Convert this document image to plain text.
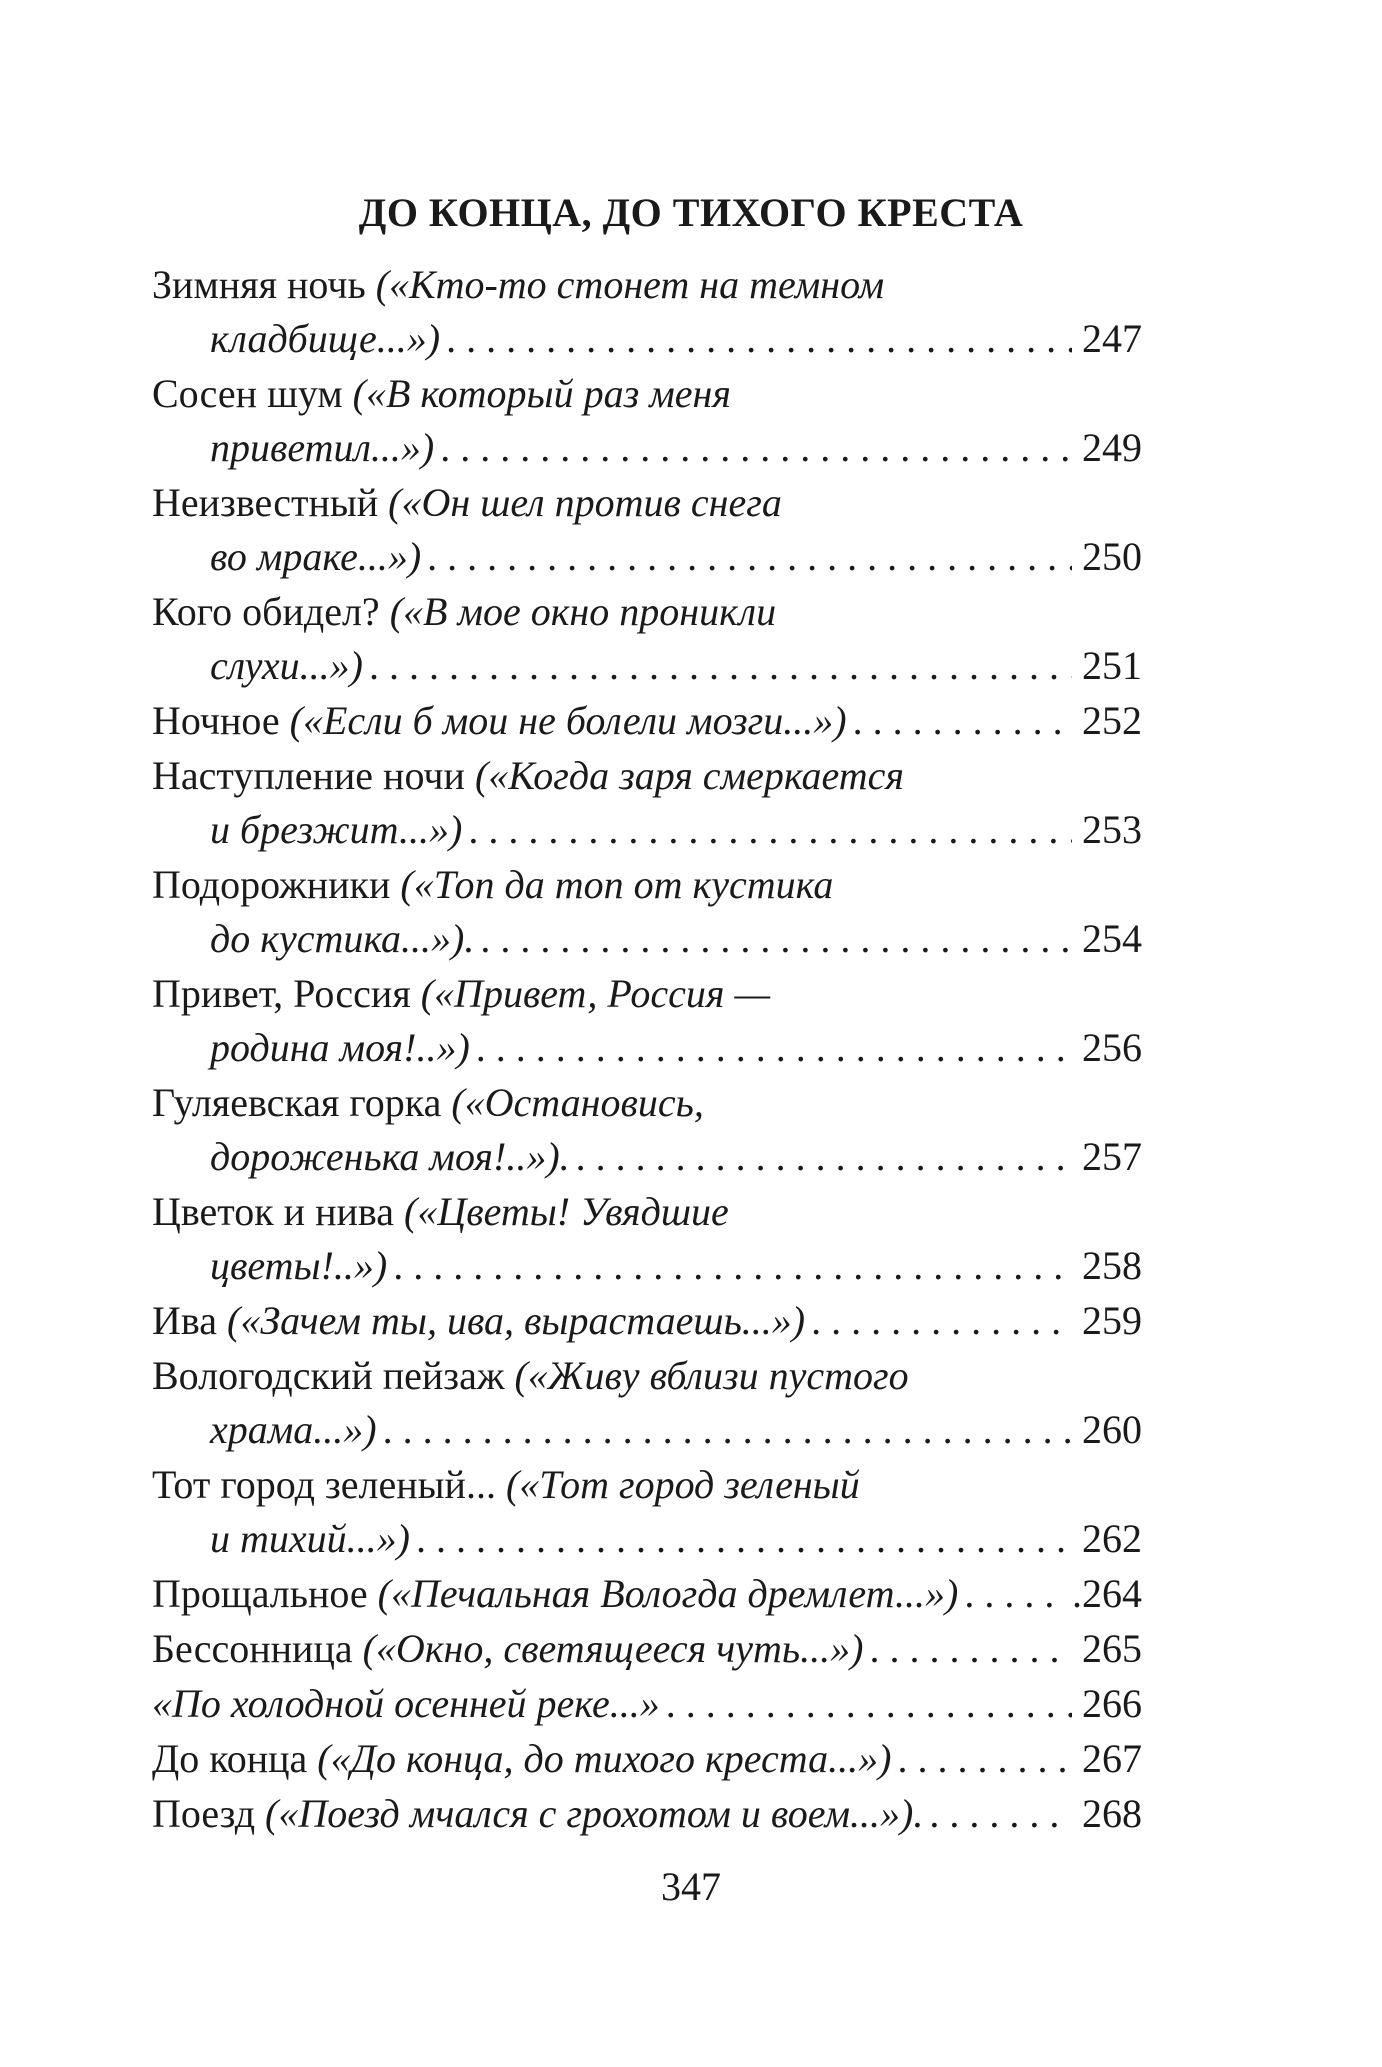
ДО КОНЦА, ДО ТИХОГО КРЕСТА
Зимняя ночь («Кто-то стонет на темном
кладбище...») . . .	247
Сосен шум («В который раз меня
приветил...») . . .	249
Неизвестный («Он шел против снега
во мраке...») . . .	250
Кого обидел? («В мое окно проникли
слухи...») . . .	251
Ночное
(«Если б мои не болели мозги...») . . .	252
Наступление ночи («Когда заря смеркается
и брезжит...») . . .	253
Подорожники («Топ да топ от кустика
до кустика...»). . . .	254
Привет, Россия («Привет, Россия —
родина моя!..») . . .	256
Гуляевская горка («Остановись,
дороженька моя!..»). . . .	257
Цветок и нива («Цветы! Увядшие
цветы!..») . . .	258
Ива
(«Зачем ты, ива, вырастаешь...») . . .	259
Вологодский пейзаж («Живу вблизи пустого
храма...») . . .	260
Тот город зеленый... («Тот город зеленый
и тихий...») . . .	262
Прощальное
(«Печальная Вологда дремлет...») . . .	.264
Бессонница
(«Окно, светящееся чуть...») . . .	265
«По холодной осенней реке...» . . .	266
До конца
(«До конца, до тихого креста...») . . .	267
Поезд
(«Поезд мчался с грохотом и воем...»). . . .	268
347
